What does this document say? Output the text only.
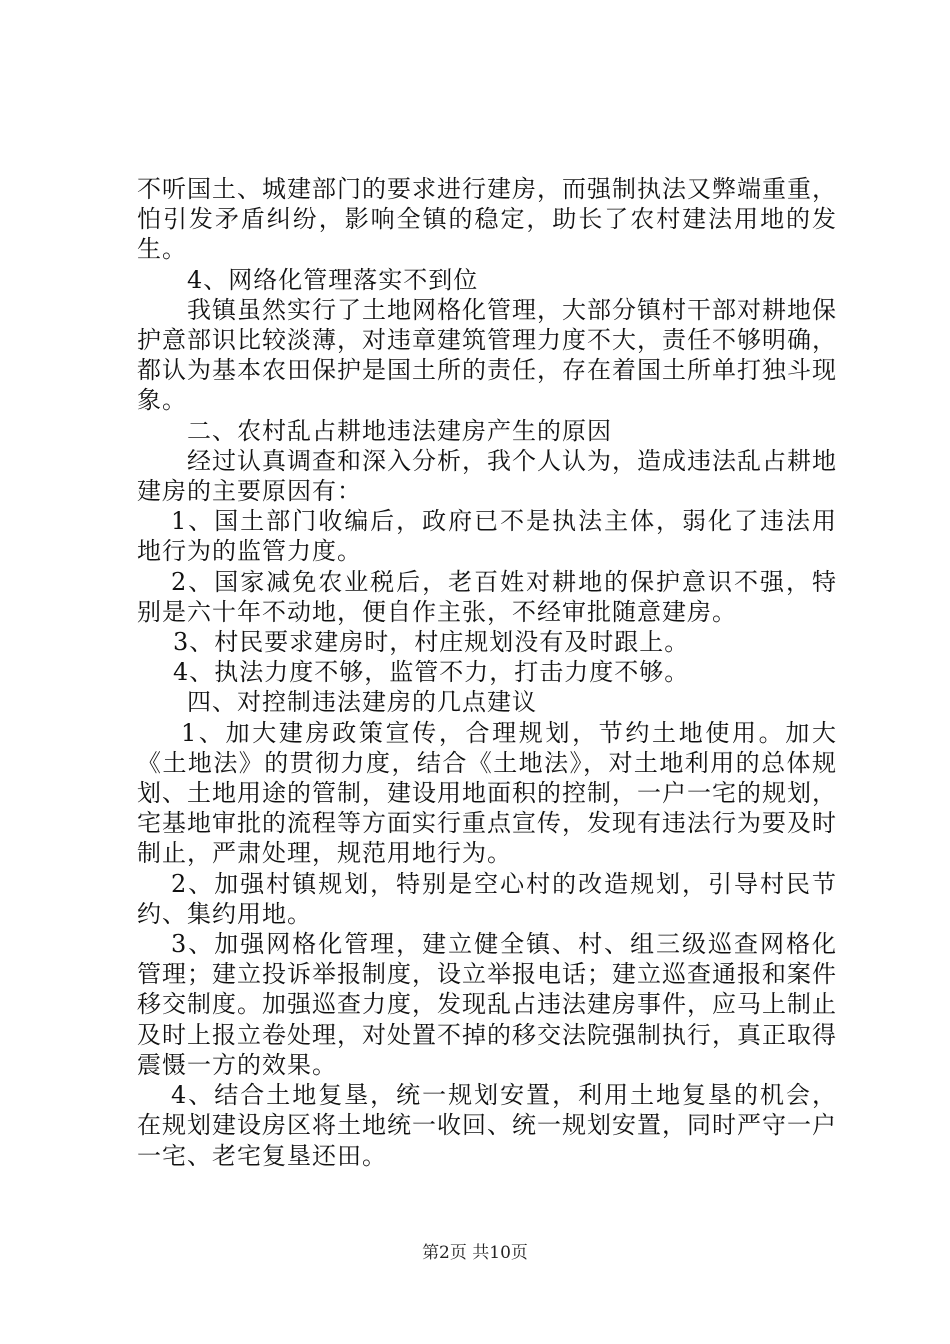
不听国土、城建部门的要求进行建房，而强制执法又弊端重重，怕引发矛盾纠纷，影响全镇的稳定，助长了农村建法用地的发生。

4、网络化管理落实不到位

我镇虽然实行了土地网格化管理，大部分镇村干部对耕地保护意部识比较淡薄，对违章建筑管理力度不大，责任不够明确，都认为基本农田保护是国土所的责任，存在着国土所单打独斗现象。

二、农村乱占耕地违法建房产生的原因

经过认真调查和深入分析，我个人认为，造成违法乱占耕地建房的主要原因有：

1、国土部门收编后，政府已不是执法主体，弱化了违法用地行为的监管力度。

2、国家减免农业税后，老百姓对耕地的保护意识不强，特别是六十年不动地，便自作主张，不经审批随意建房。

3、村民要求建房时，村庄规划没有及时跟上。

4、执法力度不够，监管不力，打击力度不够。

四、对控制违法建房的几点建议

1、加大建房政策宣传，合理规划，节约土地使用。加大《土地法》的贯彻力度，结合《土地法》，对土地利用的总体规划、土地用途的管制，建设用地面积的控制，一户一宅的规划，宅基地审批的流程等方面实行重点宣传，发现有违法行为要及时制止，严肃处理，规范用地行为。

2、加强村镇规划，特别是空心村的改造规划，引导村民节约、集约用地。

3、加强网格化管理，建立健全镇、村、组三级巡查网格化管理；建立投诉举报制度，设立举报电话；建立巡查通报和案件移交制度。加强巡查力度，发现乱占违法建房事件，应马上制止及时上报立卷处理，对处置不掉的移交法院强制执行，真正取得震慑一方的效果。

4、结合土地复垦，统一规划安置，利用土地复垦的机会，在规划建设房区将土地统一收回、统一规划安置，同时严守一户一宅、老宅复垦还田。

第2页 共10页
